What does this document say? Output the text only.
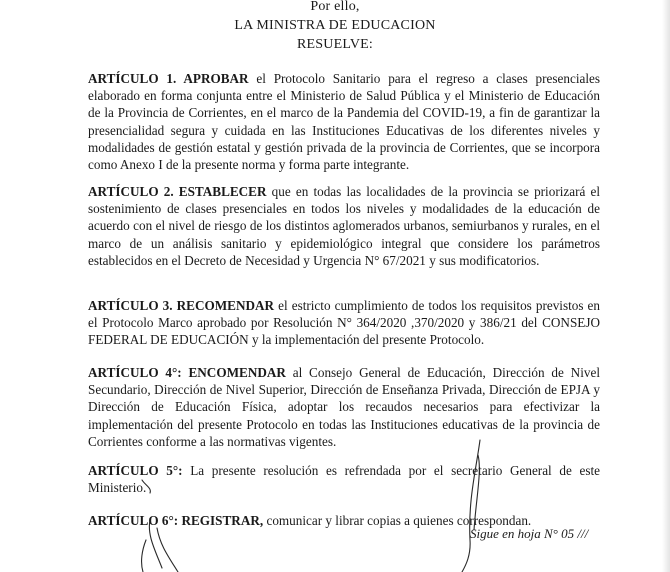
Por ello,
LA MINISTRA DE EDUCACION
RESUELVE:
ARTÍCULO 1. APROBAR el Protocolo Sanitario para el regreso a clases presenciales elaborado en forma conjunta entre el Ministerio de Salud Pública y el Ministerio de Educación de la Provincia de Corrientes, en el marco de la Pandemia del COVID-19, a fin de garantizar la presencialidad segura y cuidada en las Instituciones Educativas de los diferentes niveles y modalidades de gestión estatal y gestión privada de la provincia de Corrientes, que se incorpora como Anexo I de la presente norma y forma parte integrante.
ARTÍCULO 2. ESTABLECER que en todas las localidades de la provincia se priorizará el sostenimiento de clases presenciales en todos los niveles y modalidades de la educación de acuerdo con el nivel de riesgo de los distintos aglomerados urbanos, semiurbanos y rurales, en el marco de un análisis sanitario y epidemiológico integral que considere los parámetros establecidos en el Decreto de Necesidad y Urgencia N° 67/2021 y sus modificatorios.
ARTÍCULO 3. RECOMENDAR el estricto cumplimiento de todos los requisitos previstos en el Protocolo Marco aprobado por Resolución N° 364/2020 ,370/2020 y 386/21 del CONSEJO FEDERAL DE EDUCACIÓN y la implementación del presente Protocolo.
ARTÍCULO 4°: ENCOMENDAR al Consejo General de Educación, Dirección de Nivel Secundario, Dirección de Nivel Superior, Dirección de Enseñanza Privada, Dirección de EPJA y Dirección de Educación Física, adoptar los recaudos necesarios para efectivizar la implementación del presente Protocolo en todas las Instituciones educativas de la provincia de Corrientes conforme a las normativas vigentes.
ARTÍCULO 5°: La presente resolución es refrendada por el secretario General de este Ministerio.
ARTÍCULO 6°: REGISTRAR, comunicar y librar copias a quienes correspondan.
Sigue en hoja N° 05 ///
